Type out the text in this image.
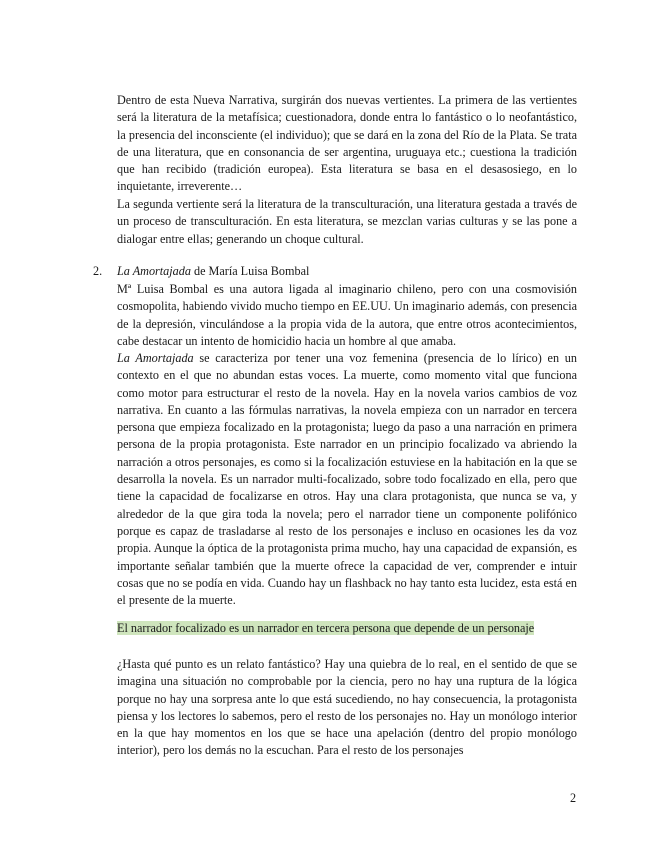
Dentro de esta Nueva Narrativa, surgirán dos nuevas vertientes. La primera de las vertientes será la literatura de la metafísica; cuestionadora, donde entra lo fantástico o lo neofantástico, la presencia del inconsciente (el individuo); que se dará en la zona del Río de la Plata. Se trata de una literatura, que en consonancia de ser argentina, uruguaya etc.; cuestiona la tradición que han recibido (tradición europea). Esta literatura se basa en el desasosiego, en lo inquietante, irreverente…

La segunda vertiente será la literatura de la transculturación, una literatura gestada a través de un proceso de transculturación. En esta literatura, se mezclan varias culturas y se las pone a dialogar entre ellas; generando un choque cultural.

2. La Amortajada de María Luisa Bombal

Mª Luisa Bombal es una autora ligada al imaginario chileno, pero con una cosmovisión cosmopolita, habiendo vivido mucho tiempo en EE.UU. Un imaginario además, con presencia de la depresión, vinculándose a la propia vida de la autora, que entre otros acontecimientos, cabe destacar un intento de homicidio hacia un hombre al que amaba.

La Amortajada se caracteriza por tener una voz femenina (presencia de lo lírico) en un contexto en el que no abundan estas voces. La muerte, como momento vital que funciona como motor para estructurar el resto de la novela. Hay en la novela varios cambios de voz narrativa. En cuanto a las fórmulas narrativas, la novela empieza con un narrador en tercera persona que empieza focalizado en la protagonista; luego da paso a una narración en primera persona de la propia protagonista. Este narrador en un principio focalizado va abriendo la narración a otros personajes, es como si la focalización estuviese en la habitación en la que se desarrolla la novela. Es un narrador multi-focalizado, sobre todo focalizado en ella, pero que tiene la capacidad de focalizarse en otros. Hay una clara protagonista, que nunca se va, y alrededor de la que gira toda la novela; pero el narrador tiene un componente polifónico porque es capaz de trasladarse al resto de los personajes e incluso en ocasiones les da voz propia. Aunque la óptica de la protagonista prima mucho, hay una capacidad de expansión, es importante señalar también que la muerte ofrece la capacidad de ver, comprender e intuir cosas que no se podía en vida. Cuando hay un flashback no hay tanto esta lucidez, esta está en el presente de la muerte.

El narrador focalizado es un narrador en tercera persona que depende de un personaje

¿Hasta qué punto es un relato fantástico? Hay una quiebra de lo real, en el sentido de que se imagina una situación no comprobable por la ciencia, pero no hay una ruptura de la lógica porque no hay una sorpresa ante lo que está sucediendo, no hay consecuencia, la protagonista piensa y los lectores lo sabemos, pero el resto de los personajes no. Hay un monólogo interior en la que hay momentos en los que se hace una apelación (dentro del propio monólogo interior), pero los demás no la escuchan. Para el resto de los personajes

2
